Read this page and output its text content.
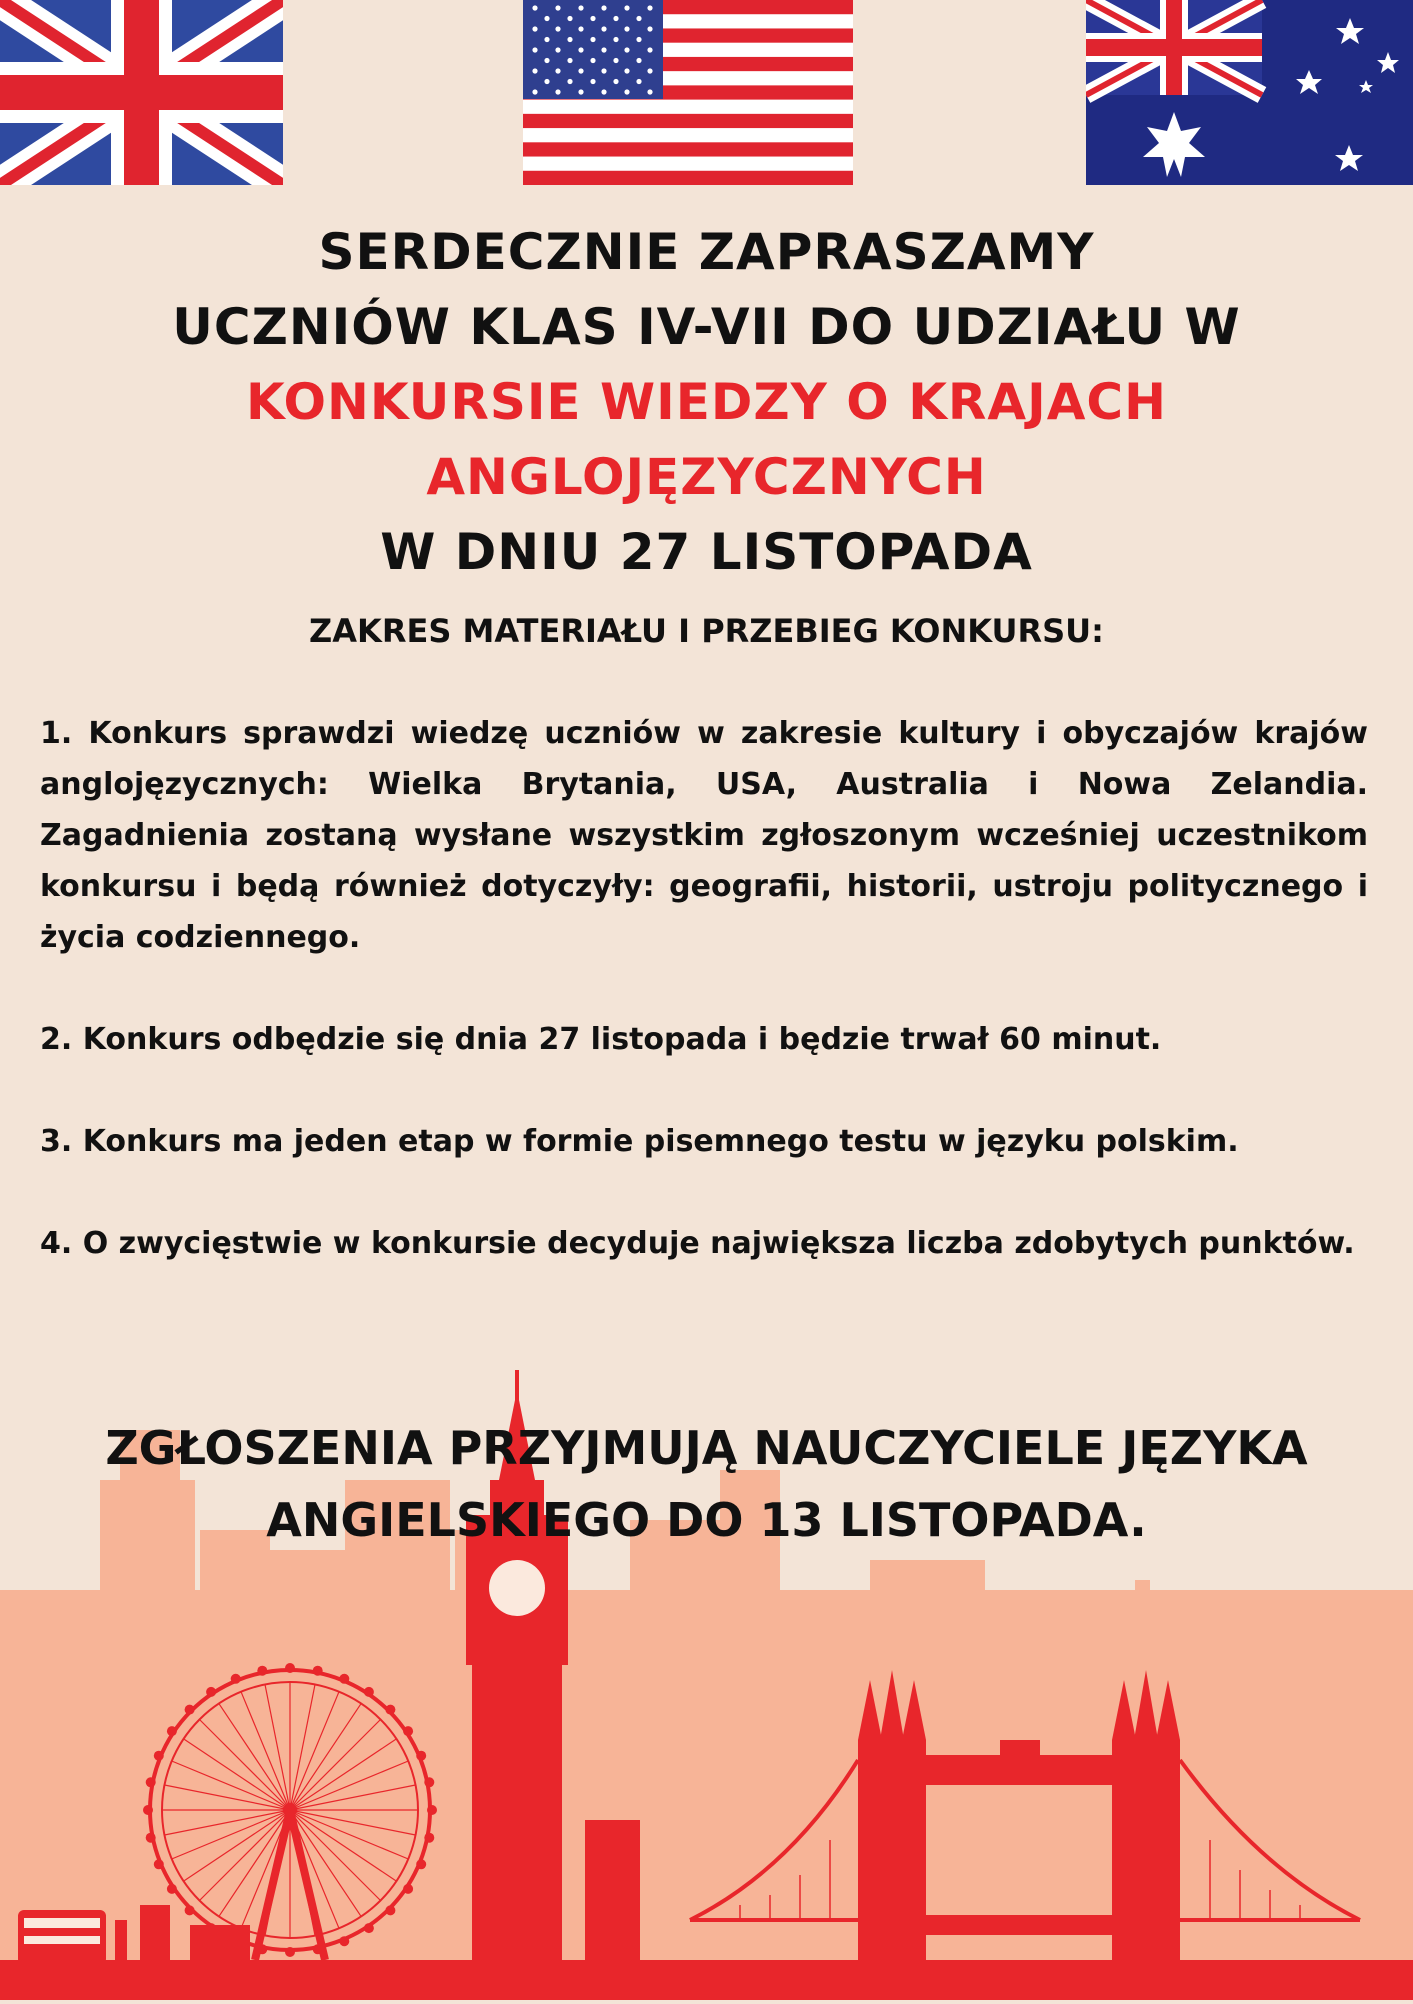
SERDECZNIE ZAPRASZAMY
UCZNIÓW KLAS IV-VII DO UDZIAŁU W
KONKURSIE WIEDZY O KRAJACH
ANGLOJĘZYCZNYCH
W DNIU 27 LISTOPADA
ZAKRES MATERIAŁU I PRZEBIEG KONKURSU:

1. Konkurs sprawdzi wiedzę uczniów w zakresie kultury i obyczajów krajów anglojęzycznych: Wielka Brytania, USA, Australia i Nowa Zelandia. Zagadnienia zostaną wysłane wszystkim zgłoszonym wcześniej uczestnikom konkursu i będą również dotyczyły: geografii, historii, ustroju politycznego i życia codziennego.

2. Konkurs odbędzie się dnia 27 listopada i będzie trwał 60 minut.

3. Konkurs ma jeden etap w formie pisemnego testu w języku polskim.

4. O zwycięstwie w konkursie decyduje największa liczba zdobytych punktów.

ZGŁOSZENIA PRZYJMUJĄ NAUCZYCIELE JĘZYKA
ANGIELSKIEGO DO 13 LISTOPADA.
